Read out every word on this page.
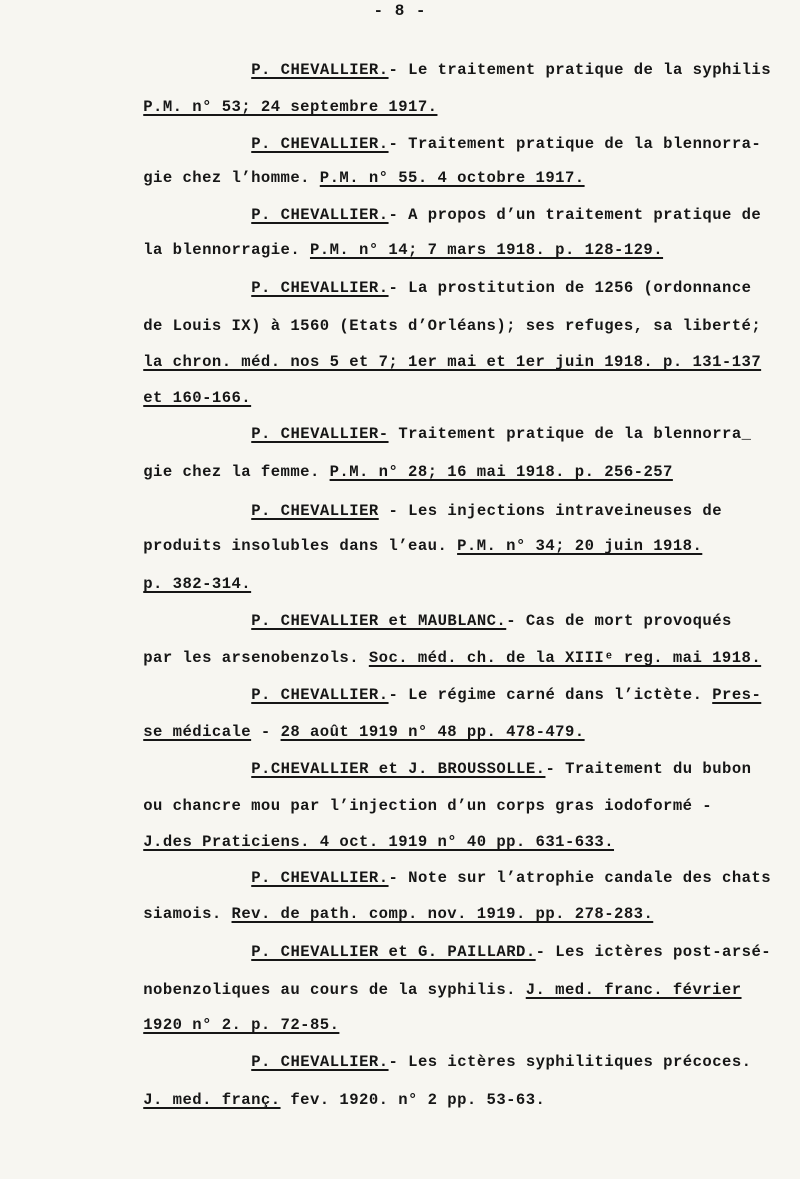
- 8 -

P. CHEVALLIER.- Le traitement pratique de la syphilis

P.M. n° 53; 24 septembre 1917.

P. CHEVALLIER.- Traitement pratique de la blennorra-

gie chez l’homme. P.M. n° 55. 4 octobre 1917.

P. CHEVALLIER.- A propos d’un traitement pratique de

la blennorragie. P.M. n° 14; 7 mars 1918. p. 128-129.

P. CHEVALLIER.- La prostitution de 1256 (ordonnance

de Louis IX) à 1560 (Etats d’Orléans); ses refuges, sa liberté;

la chron. méd. nos 5 et 7; 1er mai et 1er juin 1918. p. 131-137

et 160-166.

P. CHEVALLIER- Traitement pratique de la blennorra_

gie chez la femme. P.M. n° 28; 16 mai 1918. p. 256-257

P. CHEVALLIER - Les injections intraveineuses de

produits insolubles dans l’eau. P.M. n° 34; 20 juin 1918.

p. 382-314.

P. CHEVALLIER et MAUBLANC.- Cas de mort provoqués

par les arsenobenzols. Soc. méd. ch. de la XIIIᵉ reg. mai 1918.

P. CHEVALLIER.- Le régime carné dans l’ictète. Pres-

se médicale - 28 août 1919 n° 48 pp. 478-479.

P.CHEVALLIER et J. BROUSSOLLE.- Traitement du bubon

ou chancre mou par l’injection d’un corps gras iodoformé -

J.des Praticiens. 4 oct. 1919 n° 40 pp. 631-633.

P. CHEVALLIER.- Note sur l’atrophie candale des chats

siamois. Rev. de path. comp. nov. 1919. pp. 278-283.

P. CHEVALLIER et G. PAILLARD.- Les ictères post-arsé-

nobenzoliques au cours de la syphilis. J. med. franc. février

1920 n° 2. p. 72-85.

P. CHEVALLIER.- Les ictères syphilitiques précoces.

J. med. franç. fev. 1920. n° 2 pp. 53-63.
